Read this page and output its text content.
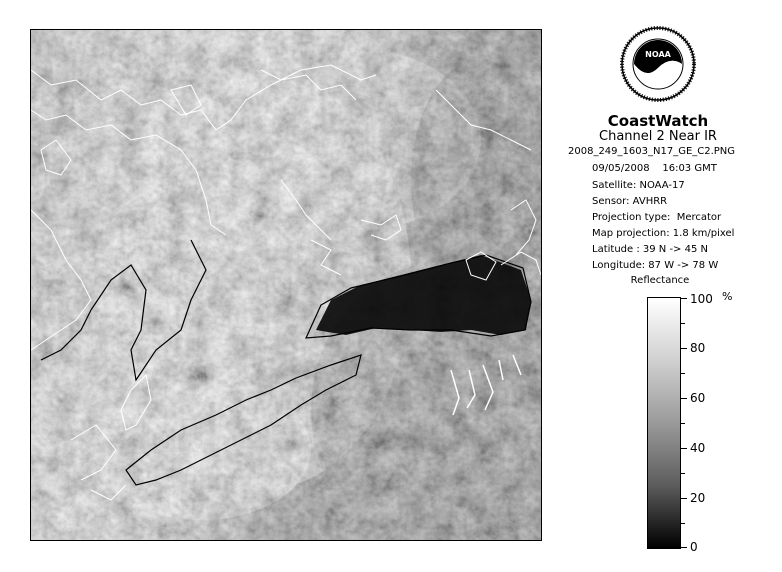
NOAA
CoastWatch
Channel 2 Near IR
2008_249_1603_N17_GE_C2.PNG
09/05/2008    16:03 GMT
Satellite: NOAA-17
Sensor: AVHRR
Projection type:  Mercator
Map projection: 1.8 km/pixel
Latitude : 39 N -> 45 N
Longitude: 87 W -> 78 W
Reflectance
%
100
80
60
40
20
0
